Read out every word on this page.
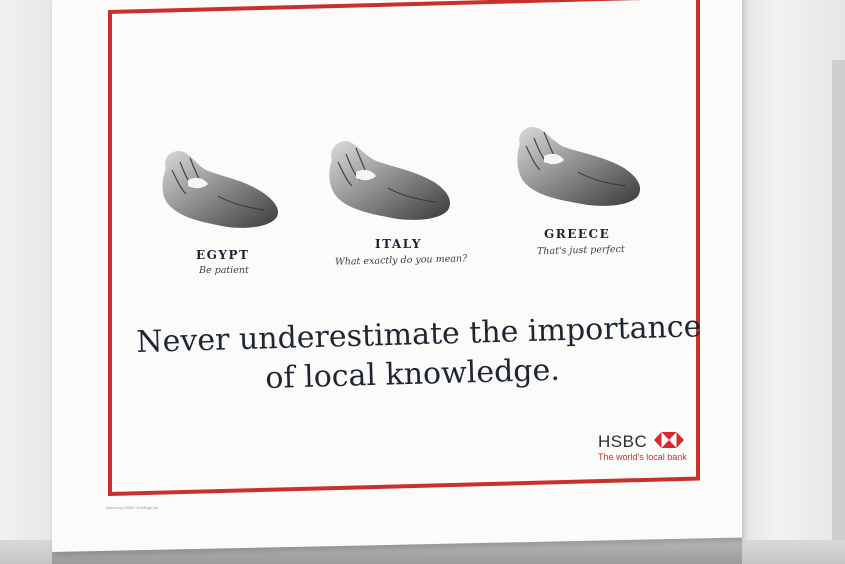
EGYPT
Be patient
ITALY
What exactly do you mean?
GREECE
That's just perfect
Never underestimate the importance
of local knowledge.
HSBC
The world's local bank
Issued by HSBC Holdings plc
